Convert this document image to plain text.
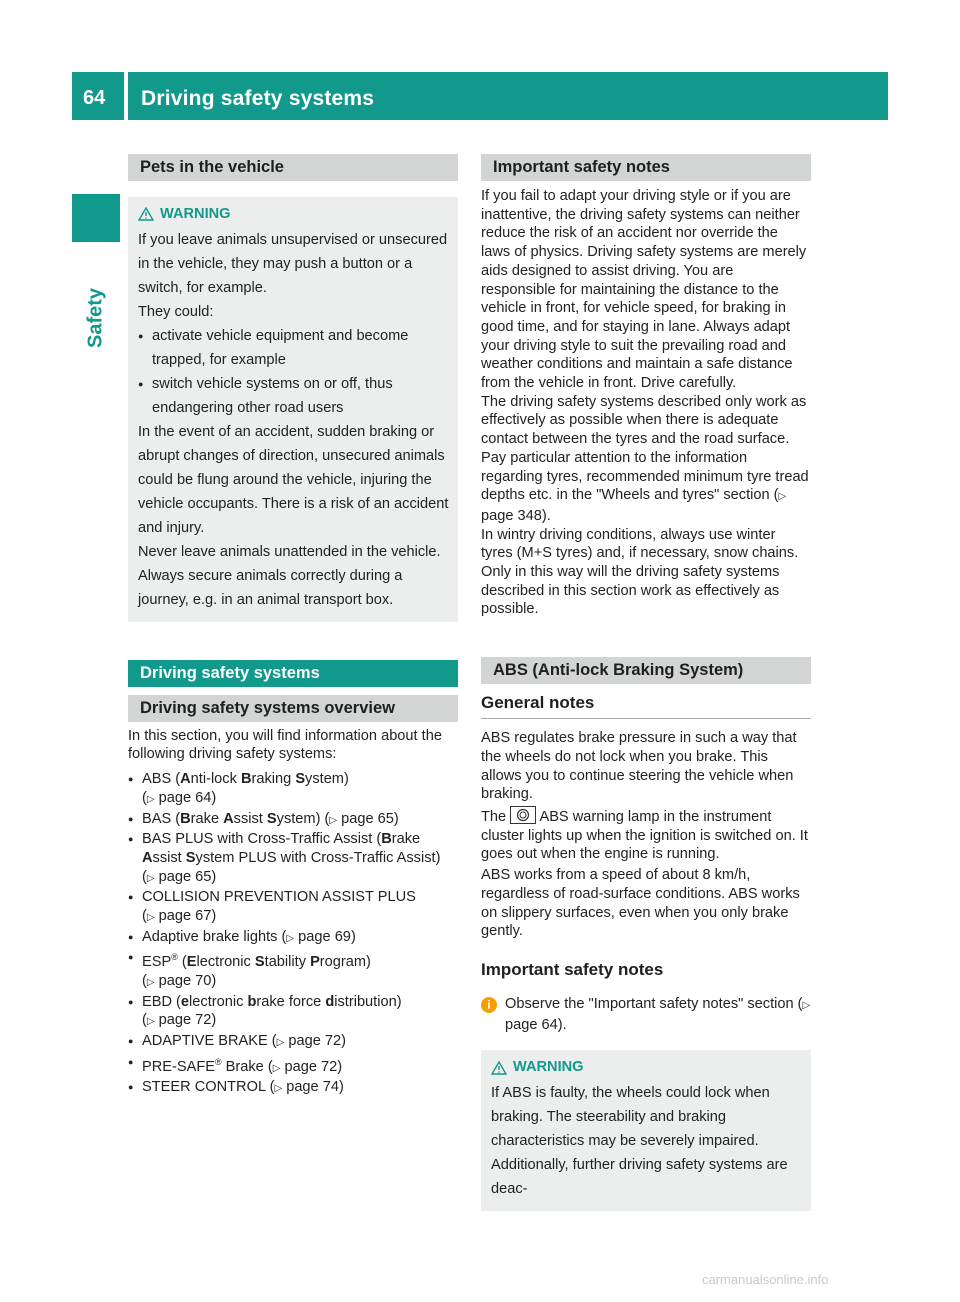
64 Driving safety systems
Safety
Pets in the vehicle
WARNING

If you leave animals unsupervised or unsecured in the vehicle, they may push a button or a switch, for example.

They could:

● activate vehicle equipment and become trapped, for example
● switch vehicle systems on or off, thus endangering other road users

In the event of an accident, sudden braking or abrupt changes of direction, unsecured animals could be flung around the vehicle, injuring the vehicle occupants. There is a risk of an accident and injury.

Never leave animals unattended in the vehicle. Always secure animals correctly during a journey, e.g. in an animal transport box.

Driving safety systems
Driving safety systems overview

In this section, you will find information about the following driving safety systems:

● ABS (Anti-lock Braking System)
(▷ page 64)
● BAS (Brake Assist System) (▷ page 65)
● BAS PLUS with Cross-Traffic Assist (Brake Assist System PLUS with Cross-Traffic Assist)
(▷ page 65)
● COLLISION PREVENTION ASSIST PLUS
(▷ page 67)
● Adaptive brake lights (▷ page 69)
● ESP® (Electronic Stability Program)
(▷ page 70)
● EBD (electronic brake force distribution)
(▷ page 72)
● ADAPTIVE BRAKE (▷ page 72)
● PRE-SAFE® Brake (▷ page 72)
● STEER CONTROL (▷ page 74)
Important safety notes

If you fail to adapt your driving style or if you are inattentive, the driving safety systems can neither reduce the risk of an accident nor override the laws of physics. Driving safety systems are merely aids designed to assist driving. You are responsible for maintaining the distance to the vehicle in front, for vehicle speed, for braking in good time, and for staying in lane. Always adapt your driving style to suit the prevailing road and weather conditions and maintain a safe distance from the vehicle in front. Drive carefully.

The driving safety systems described only work as effectively as possible when there is adequate contact between the tyres and the road surface. Pay particular attention to the information regarding tyres, recommended minimum tyre tread depths etc. in the "Wheels and tyres" section (▷ page 348).

In wintry driving conditions, always use winter tyres (M+S tyres) and, if necessary, snow chains. Only in this way will the driving safety systems described in this section work as effectively as possible.

ABS (Anti-lock Braking System)
General notes

ABS regulates brake pressure in such a way that the wheels do not lock when you brake. This allows you to continue steering the vehicle when braking.

The ABS warning lamp in the instrument cluster lights up when the ignition is switched on. It goes out when the engine is running.

ABS works from a speed of about 8 km/h, regardless of road-surface conditions. ABS works on slippery surfaces, even when you only brake gently.

Important safety notes
i Observe the "Important safety notes" section (▷ page 64).
WARNING

If ABS is faulty, the wheels could lock when braking. The steerability and braking characteristics may be severely impaired. Additionally, further driving safety systems are deac-

carmanualsonline.info
